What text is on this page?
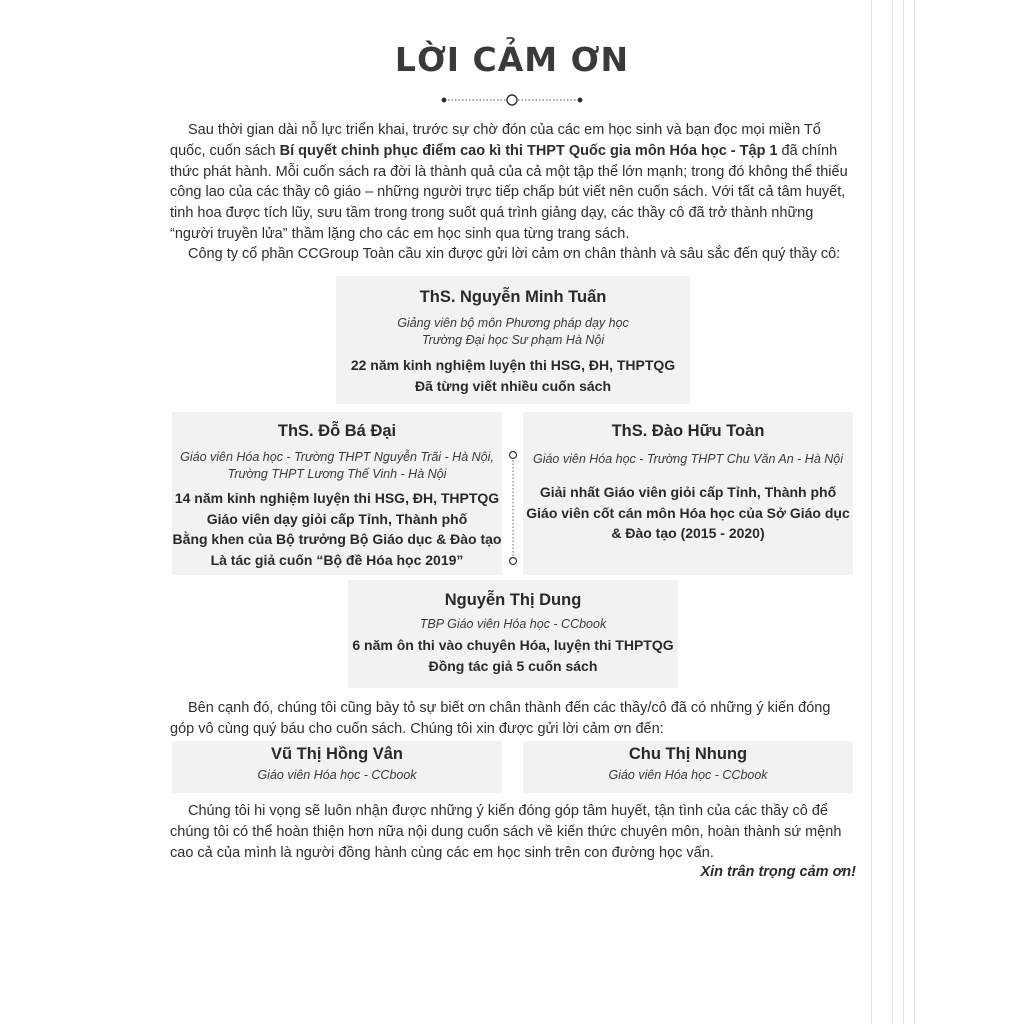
LỜI CẢM ƠN

Sau thời gian dài nỗ lực triển khai, trước sự chờ đón của các em học sinh và bạn đọc mọi miền Tổ quốc, cuốn sách Bí quyết chinh phục điểm cao kì thi THPT Quốc gia môn Hóa học - Tập 1 đã chính thức phát hành. Mỗi cuốn sách ra đời là thành quả của cả một tập thể lớn mạnh; trong đó không thể thiếu công lao của các thầy cô giáo – những người trực tiếp chấp bút viết nên cuốn sách. Với tất cả tâm huyết, tinh hoa được tích lũy, sưu tầm trong trong suốt quá trình giảng dạy, các thầy cô đã trở thành những “người truyền lửa” thầm lặng cho các em học sinh qua từng trang sách.

Công ty cổ phần CCGroup Toàn cầu xin được gửi lời cảm ơn chân thành và sâu sắc đến quý thầy cô:

ThS. Nguyễn Minh Tuấn
Giảng viên bộ môn Phương pháp dạy học
Trường Đại học Sư phạm Hà Nội
22 năm kinh nghiệm luyện thi HSG, ĐH, THPTQG
Đã từng viết nhiều cuốn sách
ThS. Đỗ Bá Đại
Giáo viên Hóa học - Trường THPT Nguyễn Trãi - Hà Nội,
Trường THPT Lương Thế Vinh - Hà Nội
14 năm kinh nghiệm luyện thi HSG, ĐH, THPTQG
Giáo viên dạy giỏi cấp Tỉnh, Thành phố
Bằng khen của Bộ trưởng Bộ Giáo dục & Đào tạo
Là tác giả cuốn “Bộ đề Hóa học 2019”
ThS. Đào Hữu Toàn
Giáo viên Hóa học - Trường THPT Chu Văn An - Hà Nội
Giải nhất Giáo viên giỏi cấp Tỉnh, Thành phố
Giáo viên cốt cán môn Hóa học của Sở Giáo dục
& Đào tạo (2015 - 2020)
Nguyễn Thị Dung
TBP Giáo viên Hóa học - CCbook
6 năm ôn thi vào chuyên Hóa, luyện thi THPTQG
Đồng tác giả 5 cuốn sách

Bên cạnh đó, chúng tôi cũng bày tỏ sự biết ơn chân thành đến các thầy/cô đã có những ý kiến đóng góp vô cùng quý báu cho cuốn sách. Chúng tôi xin được gửi lời cảm ơn đến:

Vũ Thị Hồng Vân
Giáo viên Hóa học - CCbook
Chu Thị Nhung
Giáo viên Hóa học - CCbook

Chúng tôi hi vọng sẽ luôn nhận được những ý kiến đóng góp tâm huyết, tận tình của các thầy cô để chúng tôi có thể hoàn thiện hơn nữa nội dung cuốn sách về kiến thức chuyên môn, hoàn thành sứ mệnh cao cả của mình là người đồng hành cùng các em học sinh trên con đường học vấn.

Xin trân trọng cảm ơn!
